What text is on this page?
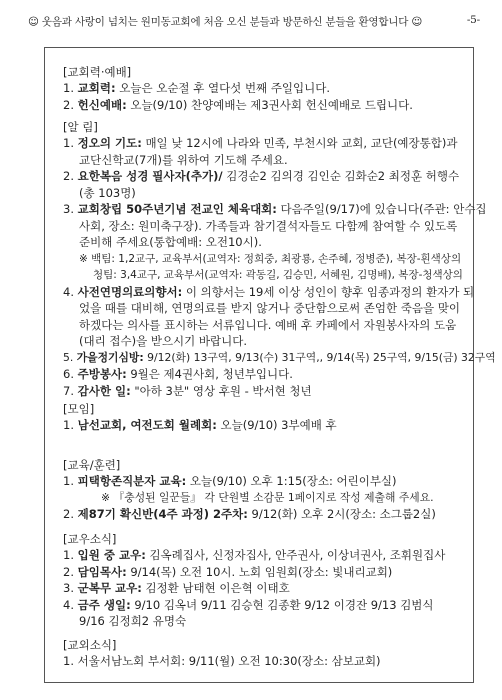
☺ 웃음과 사랑이 넘치는 원미동교회에 처음 오신 분들과 방문하신 분들을 환영합니다 ☺	-5-
[교회력·예배]
1. 교회력: 오늘은 오순절 후 열다섯 번째 주일입니다.
2. 헌신예배: 오늘(9/10) 찬양예배는 제3권사회 헌신예배로 드립니다.
[알 림]
1. 정오의 기도: 매일 낮 12시에 나라와 민족, 부천시와 교회, 교단(예장통합)과
교단신학교(7개)를 위하여 기도해 주세요.
2. 요한복음 성경 필사자(추가)/ 김경순2 김의경 김인순 김화순2 최정훈 허행수
(총 103명)
3. 교회창립 50주년기념 전교인 체육대회: 다음주일(9/17)에 있습니다(주관: 안수집
사회, 장소: 원미축구장). 가족들과 참기결석자들도 다함께 참여할 수 있도록
준비해 주세요(통합예배: 오전10시).
※ 백팀: 1,2교구, 교육부서(교역자: 정희중, 최광룡, 손주혜, 정병준), 복장-흰색상의
청팀: 3,4교구, 교육부서(교역자: 곽동길, 김승민, 서혜원, 김명배), 복장-청색상의
4. 사전연명의료의향서: 이 의향서는 19세 이상 성인이 향후 임종과정의 환자가 되
었을 때를 대비해, 연명의료를 받지 않거나 중단함으로써 존엄한 죽음을 맞이
하겠다는 의사를 표시하는 서류입니다. 예배 후 카페에서 자원봉사자의 도움
(대리 접수)을 받으시기 바랍니다.
5. 가을정기심방: 9/12(화) 13구역, 9/13(수) 31구역,, 9/14(목) 25구역, 9/15(금) 32구역
6. 주방봉사: 9월은 제4권사회, 청년부입니다.
7. 감사한 일: "아하 3분" 영상 후원 - 박서현 청년
[모임]
1. 남선교회, 여전도회 월례회: 오늘(9/10) 3부예배 후
[교육/훈련]
1. 피택항존직분자 교육: 오늘(9/10) 오후 1:15(장소: 어린이부실)
※ 『충성된 일꾼들』 각 단원별 소감문 1페이지로 작성 제출해 주세요.
2. 제87기 확신반(4주 과정) 2주차: 9/12(화) 오후 2시(장소: 소그룹2실)
[교우소식]
1. 입원 중 교우: 김옥례집사, 신정자집사, 안주권사, 이상녀권사, 조휘원집사
2. 담임목사: 9/14(목) 오전 10시. 노회 임원회(장소: 빛내리교회)
3. 군복무 교우: 김정환 남태현 이은혁 이태호
4. 금주 생일: 9/10 김옥녀 9/11 김승현 김종환 9/12 이경잔 9/13 김범식
9/16 김정희2 유명숙
[교외소식]
1. 서울서남노회 부서회: 9/11(월) 오전 10:30(장소: 삼보교회)
